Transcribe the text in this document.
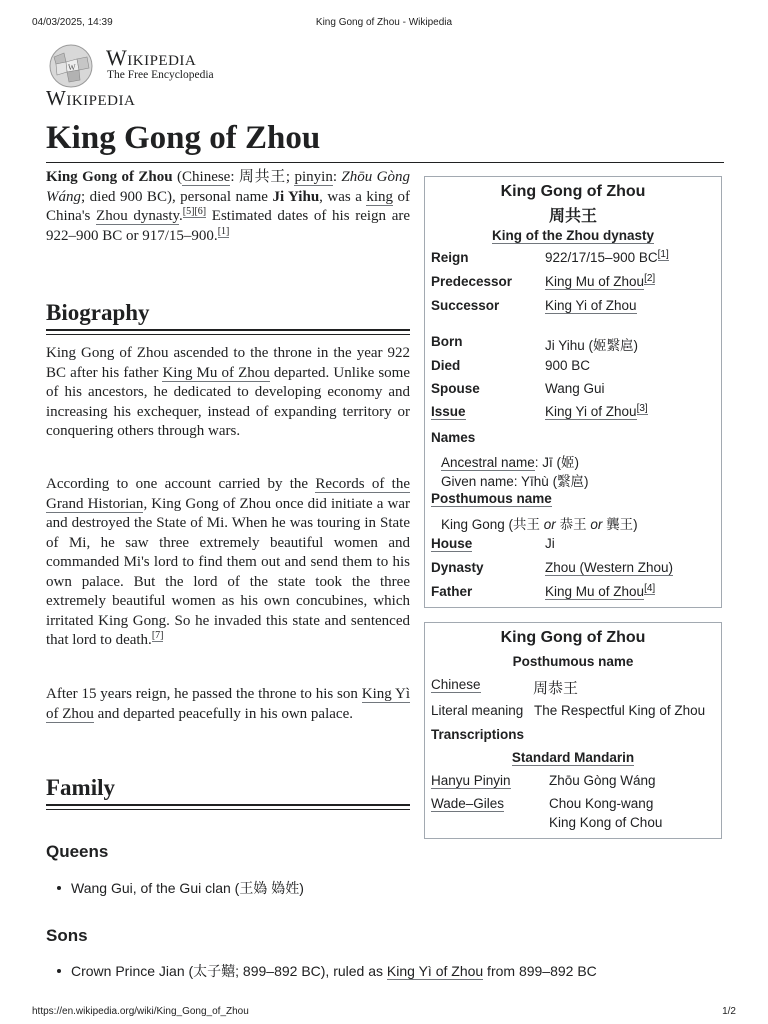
04/03/2025, 14:39	King Gong of Zhou - Wikipedia
W Wikipedia
The Free Encyclopedia
Wikipedia
King Gong of Zhou

King Gong of Zhou (Chinese: 周共王; pinyin: Zhōu Gòng Wáng; died 900 BC), personal name Ji Yihu, was a king of China's Zhou dynasty.[5][6] Estimated dates of his reign are 922–900 BC or 917/15–900.[1]

Biography

King Gong of Zhou ascended to the throne in the year 922 BC after his father King Mu of Zhou departed. Unlike some of his ancestors, he dedicated to developing economy and increasing his exchequer, instead of expanding territory or conquering others through wars.

According to one account carried by the Records of the Grand Historian, King Gong of Zhou once did initiate a war and destroyed the State of Mi. When he was touring in State of Mi, he saw three extremely beautiful women and commanded Mi's lord to find them out and send them to his own palace. But the lord of the state took the three extremely beautiful women as his own concubines, which irritated King Gong. So he invaded this state and sentenced that lord to death.[7]

After 15 years reign, he passed the throne to his son King Yì of Zhou and departed peacefully in his own palace.

Family
Queens
Wang Gui, of the Gui clan (王媯 媯姓)
Sons
Crown Prince Jian (太子囏; 899–892 BC), ruled as King Yì of Zhou from 899–892 BC
King Gong of Zhou
周共王
King of the Zhou dynasty
Reign	922/17/15–900 BC[1]
Predecessor King Mu of Zhou[2]
Successor	King Yi of Zhou
Born	Ji Yihu (姬繄扈)
Died	900 BC
Spouse	Wang Gui
Issue	King Yi of Zhou[3]
Names
Ancestral name: Jī (姬)
Given name: Yīhù (繄扈)
Posthumous name
King Gong (共王 or 恭王 or 龔王)
House	Ji
Dynasty	Zhou (Western Zhou)
Father	King Mu of Zhou[4]
King Gong of Zhou
Posthumous name
Chinese	周恭王
Literal meaning The Respectful King of Zhou
Transcriptions
Standard Mandarin
Hanyu Pinyin	Zhōu Gòng Wáng
Wade–Giles	Chou Kong-wang
King Kong of Chou
https://en.wikipedia.org/wiki/King_Gong_of_Zhou	1/2
